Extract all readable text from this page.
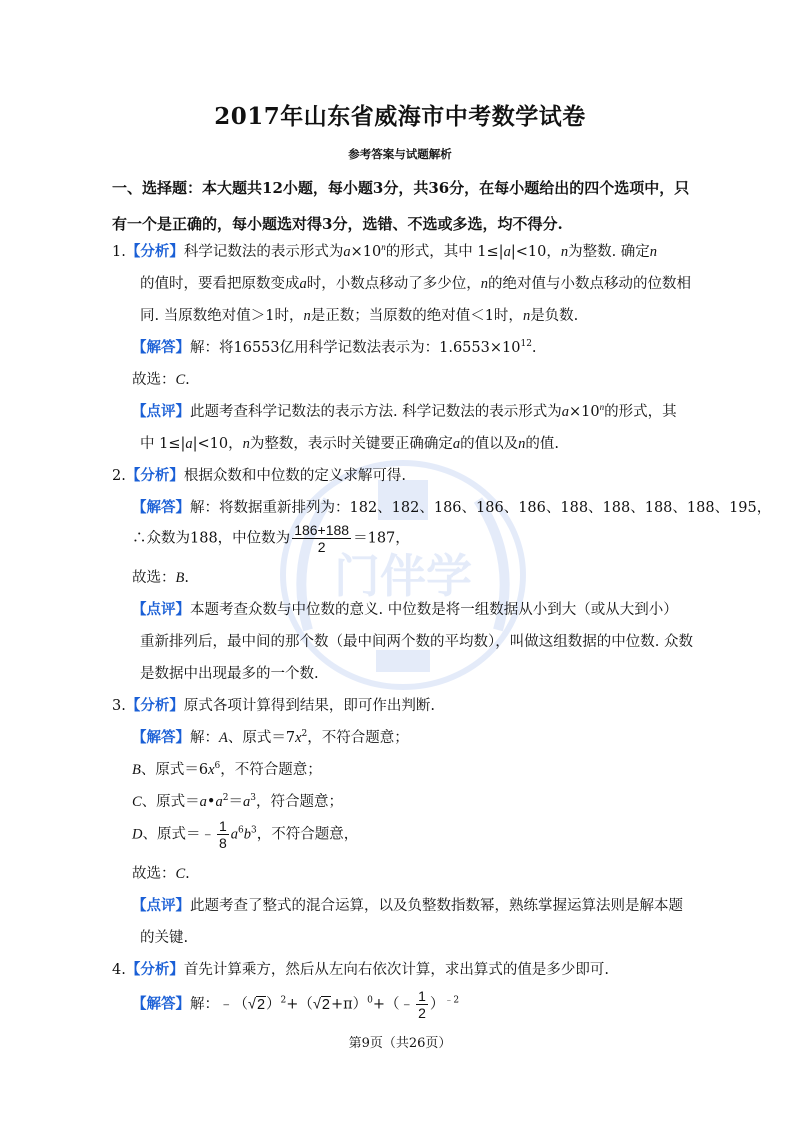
门伴学
2017年山东省威海市中考数学试卷
参考答案与试题解析
一、选择题：本大题共12小题，每小题3分，共36分，在每小题给出的四个选项中，只有一个是正确的，每小题选对得3分，选错、不选或多选，均不得分.
1.【分析】科学记数法的表示形式为$a\times 10^n$的形式，其中 1≤|a|<10，n为整数. 确定n
的值时，要看把原数变成a时，小数点移动了多少位，n的绝对值与小数点移动的位数相
同. 当原数绝对值＞1时，n是正数；当原数的绝对值＜1时，n是负数.
【解答】解：将16553亿用科学记数法表示为：$1.6553\times 10^{12}$.
故选：C.
【点评】此题考查科学记数法的表示方法. 科学记数法的表示形式为$a\times 10^n$的形式，其
中 1≤|a|<10，n为整数，表示时关键要正确确定a的值以及n的值.
2.【分析】根据众数和中位数的定义求解可得.
【解答】解：将数据重新排列为：182、182、186、186、186、188、188、188、188、195，
∴众数为188，中位数为 $\frac{186+188}{2} =187$，
故选：B.
【点评】本题考查众数与中位数的意义. 中位数是将一组数据从小到大（或从大到小）
重新排列后，最中间的那个数（最中间两个数的平均数），叫做这组数据的中位数. 众数
是数据中出现最多的一个数.
3.【分析】原式各项计算得到结果，即可作出判断.
【解答】解：A、原式$=7x^2$，不符合题意；
B、原式$=6x^6$，不符合题意；
C、原式$=a•a^2=a^3$，符合题意；
D、原式＝﹣ $\frac{1}{8} a^6b^3$，不符合题意，
故选：C.
【点评】此题考查了整式的混合运算，以及负整数指数幂，熟练掌握运算法则是解本题
的关键.
4.【分析】首先计算乘方，然后从左向右依次计算，求出算式的值是多少即可.
【解答】解：$﹣(√2)^2+(√2+\pi)^0+(﹣ \frac{1}{2} )^{﹣2}$
第9页（共26页）
